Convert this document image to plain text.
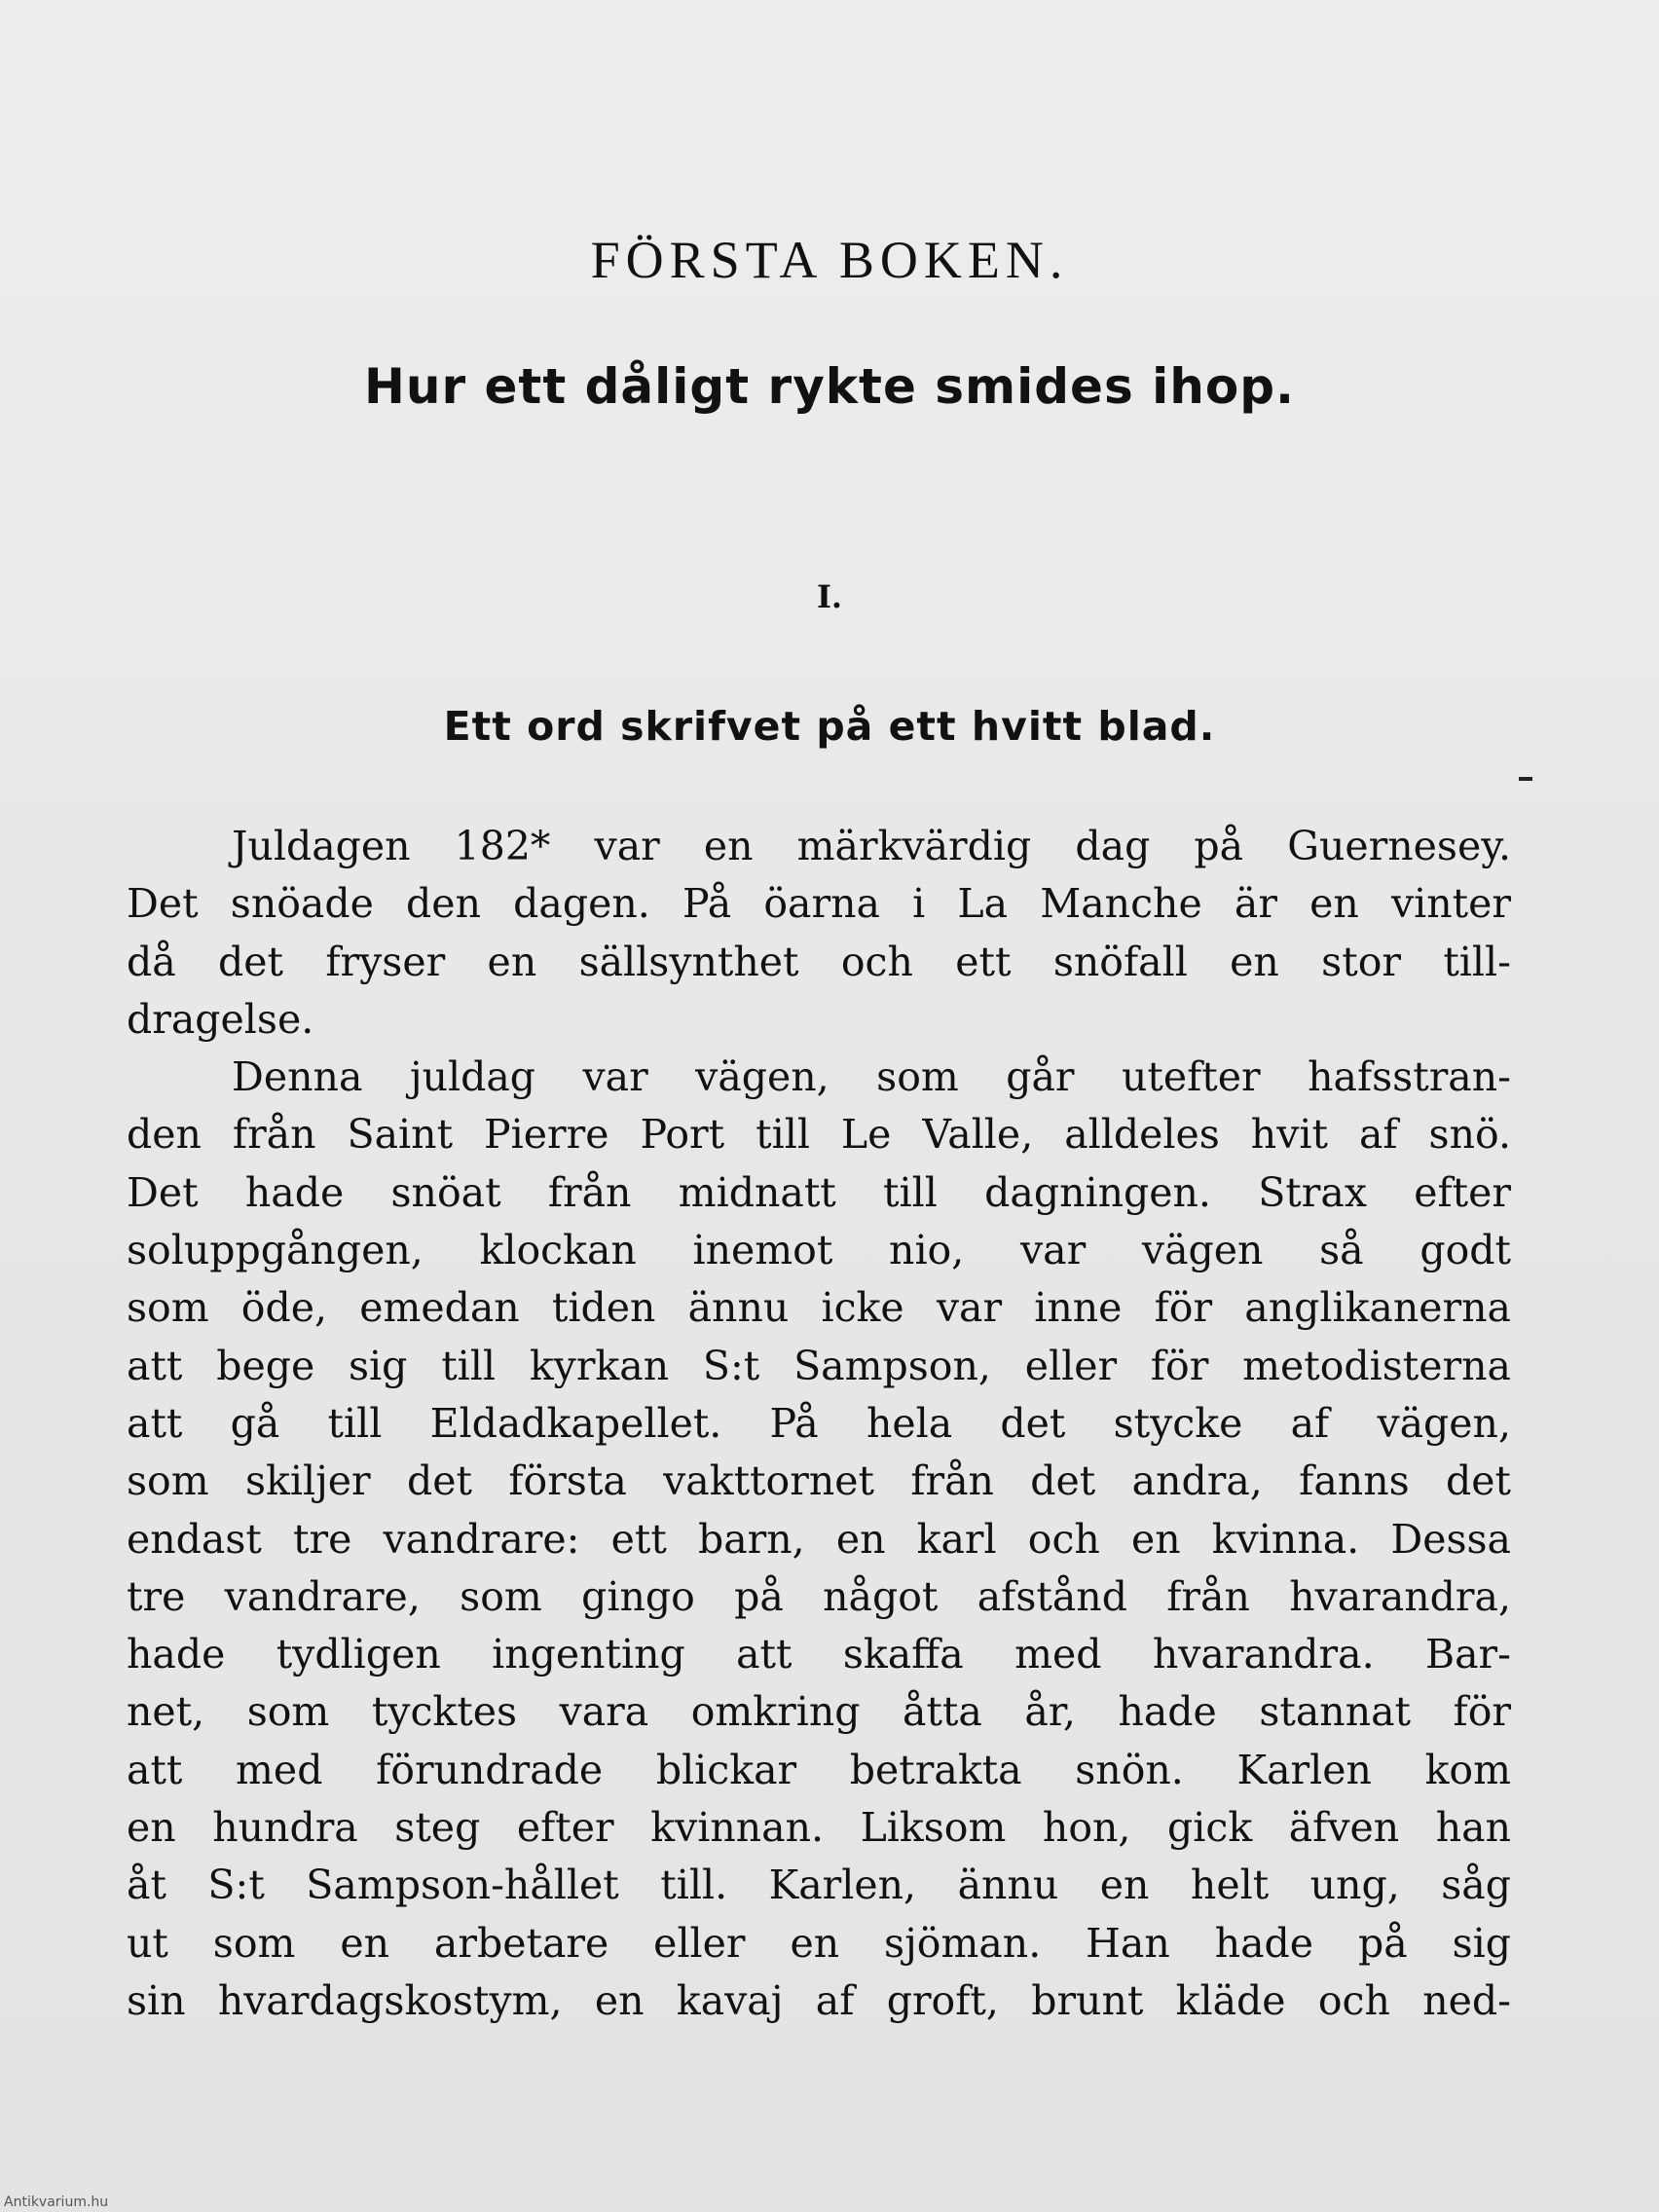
FÖRSTA BOKEN.
Hur ett dåligt rykte smides ihop.
I.
Ett ord skrifvet på ett hvitt blad.
Juldagen 182* var en märkvärdig dag på Guernesey.
Det snöade den dagen. På öarna i La Manche är en vinter
då det fryser en sällsynthet och ett snöfall en stor till-
dragelse.
Denna juldag var vägen, som går utefter hafsstran-
den från Saint Pierre Port till Le Valle, alldeles hvit af snö.
Det hade snöat från midnatt till dagningen. Strax efter
soluppgången, klockan inemot nio, var vägen så godt
som öde, emedan tiden ännu icke var inne för anglikanerna
att bege sig till kyrkan S:t Sampson, eller för metodisterna
att gå till Eldadkapellet. På hela det stycke af vägen,
som skiljer det första vakttornet från det andra, fanns det
endast tre vandrare: ett barn, en karl och en kvinna. Dessa
tre vandrare, som gingo på något afstånd från hvarandra,
hade tydligen ingenting att skaffa med hvarandra. Bar-
net, som tycktes vara omkring åtta år, hade stannat för
att med förundrade blickar betrakta snön. Karlen kom
en hundra steg efter kvinnan. Liksom hon, gick äfven han
åt S:t Sampson-hållet till. Karlen, ännu en helt ung, såg
ut som en arbetare eller en sjöman. Han hade på sig
sin hvardagskostym, en kavaj af groft, brunt kläde och ned-
Antikvarium.hu
